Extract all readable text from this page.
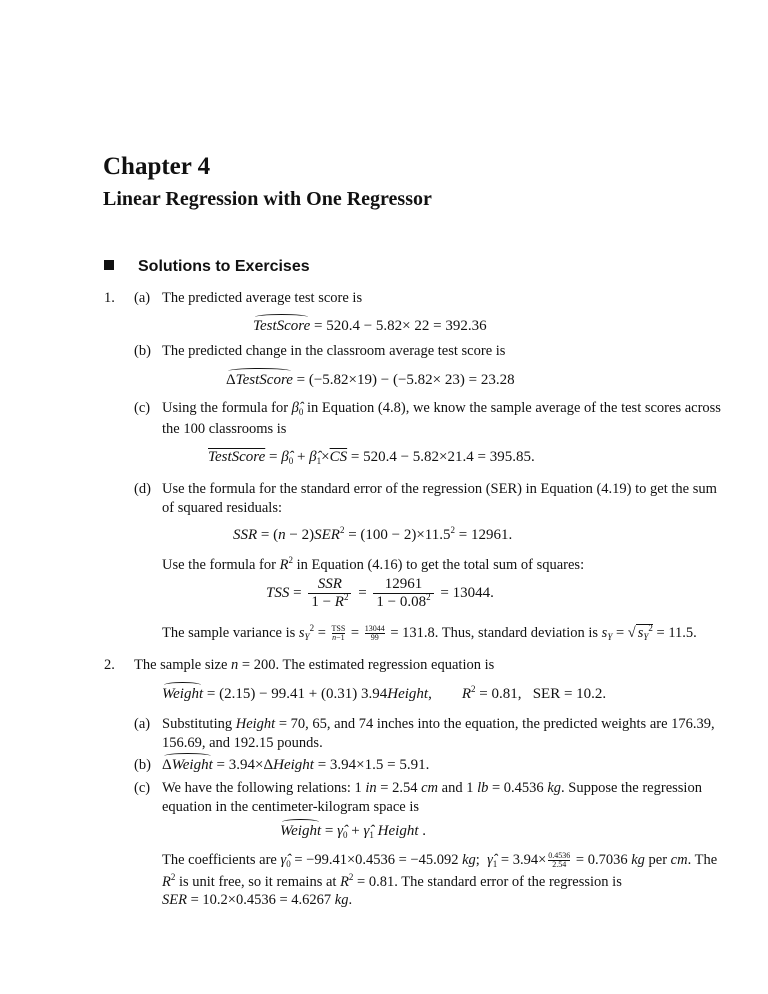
Chapter 4
Linear Regression with One Regressor
Solutions to Exercises
1. (a) The predicted average test score is
TestScore = 520.4 − 5.82× 22 = 392.36
(b) The predicted change in the classroom average test score is
ΔTestScore = (−5.82×19) − (−5.82× 23) = 23.28
(c) Using the formula for $\betâ_0$ in Equation (4.8), we know the sample average of the test scores across
the 100 classrooms is
TestScore = $\betâ_0$ + $\betâ_1\times\overline{CS} = 520.4 - 5.82\times 21.4 = 395.85$.
(d) Use the formula for the standard error of the regression (SER) in Equation (4.19) to get the sum
of squared residuals:
SSR = $(n - 2)SER^2 = (100 - 2)\times 11.5^2 = 12961$.
Use the formula for $R^2$ in Equation (4.16) to get the total sum of squares:
TSS = $\frac{\text{SSR}}{1 - R^2} = \frac{12961}{1 - 0.08^2} = 13044$.
The sample variance is $s_Y^2$ = TSS
$n-1 = \frac{13044}{99} = 131.8$. Thus, standard deviation is $s_Y$ = √ $s_Y^2 = 11.5$.
2. The sample size n = 200. The estimated regression equation is
Weight = (2.15) − 99.41 + (0.31) 3.94Height,        $R^2 = 0.81$,   SER = 10.2.
(a) Substituting Height = 70, 65, and 74 inches into the equation, the predicted weights are 176.39,
156.69, and 192.15 pounds.
(b) ΔWeight = 3.94×ΔHeight = 3.94×1.5 = 5.91.
(c) We have the following relations: 1 in = 2.54 cm and 1 lb = 0.4536 kg. Suppose the regression
equation in the centimeter-kilogram space is
Weight = $\gammâ_0$ + $\gammâ_1$ Height .
The coefficients are $\gammâ_0 = -99.41\times 0.4536 = -45.092$ kg;  $\gammâ_1 = 3.94\times \frac{0.4536}{2.54} = 0.7036$ kg per cm. The
$R^2$ is unit free, so it remains at $R^2 = 0.81$. The standard error of the regression is
SER = 10.2×0.4536 = 4.6267 kg.
